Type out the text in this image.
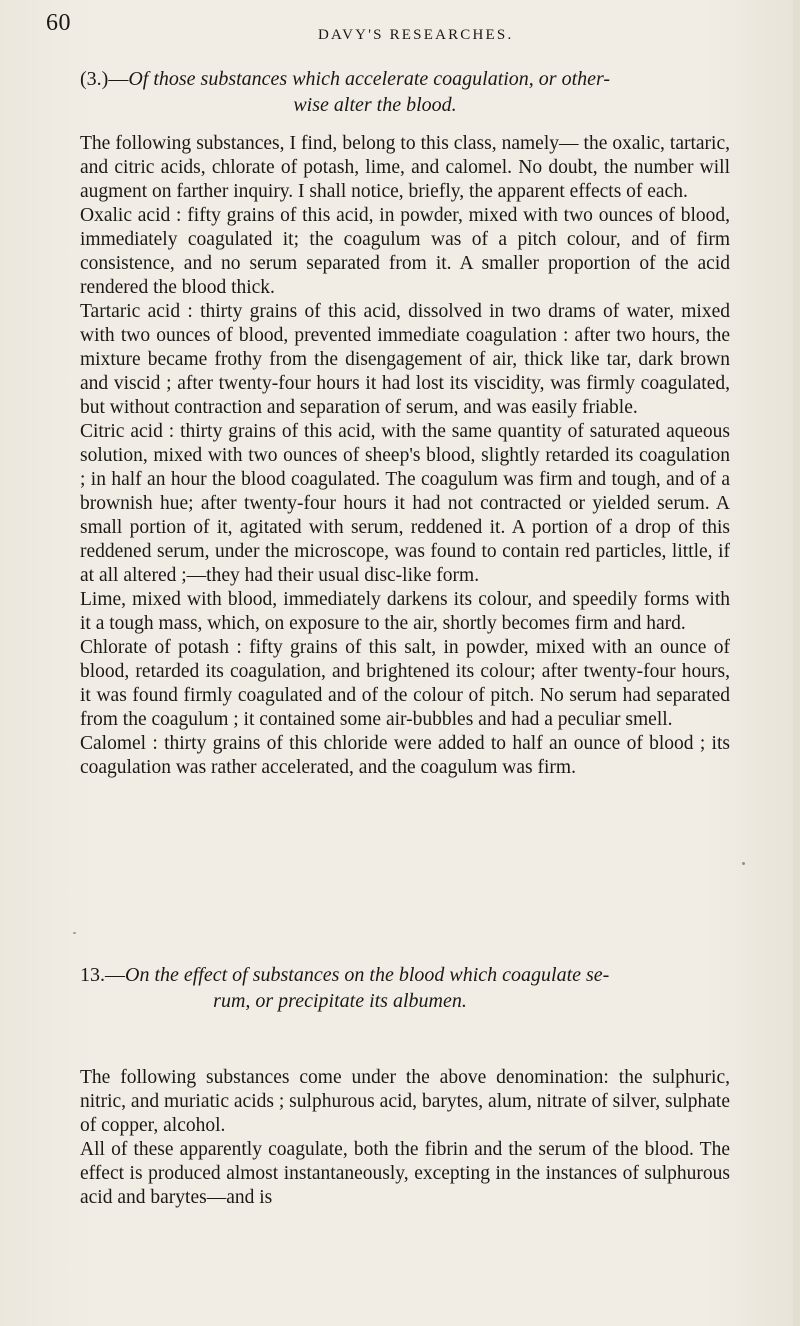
60	DAVY'S RESEARCHES.
(3.)—Of those substances which accelerate coagulation, or other-
wise alter the blood.

The following substances, I find, belong to this class, namely— the oxalic, tartaric, and citric acids, chlorate of potash, lime, and calomel. No doubt, the number will augment on farther inquiry. I shall notice, briefly, the apparent effects of each.

Oxalic acid : fifty grains of this acid, in powder, mixed with two ounces of blood, immediately coagulated it; the coagulum was of a pitch colour, and of firm consistence, and no serum separated from it. A smaller proportion of the acid rendered the blood thick.

Tartaric acid : thirty grains of this acid, dissolved in two drams of water, mixed with two ounces of blood, prevented immediate coagulation : after two hours, the mixture became frothy from the disengagement of air, thick like tar, dark brown and viscid ; after twenty-four hours it had lost its viscidity, was firmly coagulated, but without contraction and separation of serum, and was easily friable.

Citric acid : thirty grains of this acid, with the same quantity of saturated aqueous solution, mixed with two ounces of sheep's blood, slightly retarded its coagulation ; in half an hour the blood coagulated. The coagulum was firm and tough, and of a brownish hue; after twenty-four hours it had not contracted or yielded serum. A small portion of it, agitated with serum, reddened it. A portion of a drop of this reddened serum, under the microscope, was found to contain red particles, little, if at all altered ;—they had their usual disc-like form.

Lime, mixed with blood, immediately darkens its colour, and speedily forms with it a tough mass, which, on exposure to the air, shortly becomes firm and hard.

Chlorate of potash : fifty grains of this salt, in powder, mixed with an ounce of blood, retarded its coagulation, and brightened its colour; after twenty-four hours, it was found firmly coagulated and of the colour of pitch. No serum had separated from the coagulum ; it contained some air-bubbles and had a peculiar smell.

Calomel : thirty grains of this chloride were added to half an ounce of blood ; its coagulation was rather accelerated, and the coagulum was firm.

13.—On the effect of substances on the blood which coagulate se-
rum, or precipitate its albumen.

The following substances come under the above denomination: the sulphuric, nitric, and muriatic acids ; sulphurous acid, barytes, alum, nitrate of silver, sulphate of copper, alcohol.

All of these apparently coagulate, both the fibrin and the serum of the blood. The effect is produced almost instantaneously, excepting in the instances of sulphurous acid and barytes—and is
